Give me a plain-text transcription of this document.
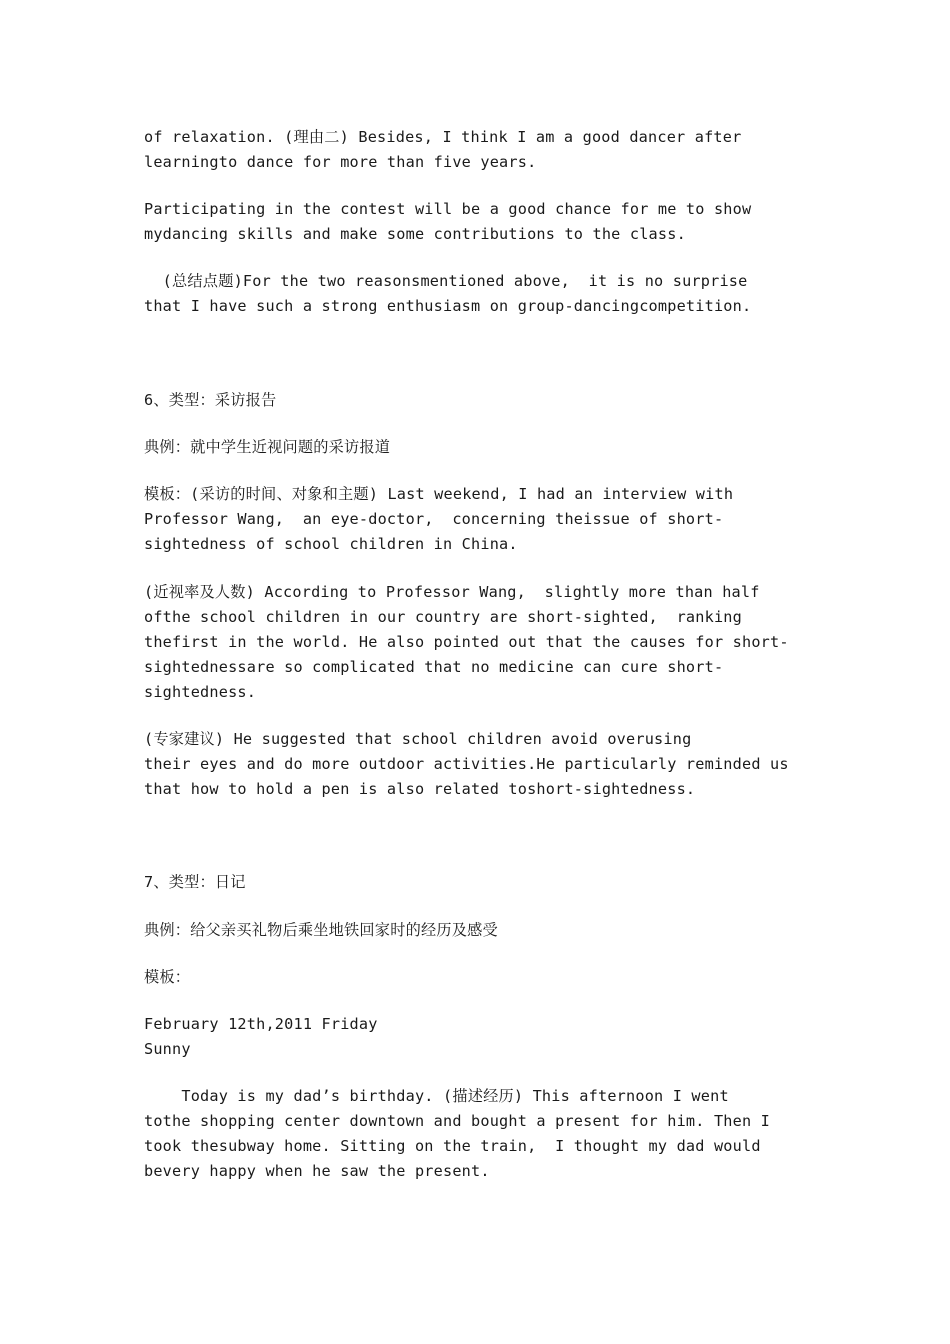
of relaxation. (理由二) Besides, I think I am a good dancer after
learningto dance for more than five years.
Participating in the contest will be a good chance for me to show
mydancing skills and make some contributions to the class.
(总结点题)For the two reasonsmentioned above,  it is no surprise
that I have such a strong enthusiasm on group-dancingcompetition.
6、类型：采访报告
典例：就中学生近视问题的采访报道
模板：(采访的时间、对象和主题) Last weekend, I had an interview with
Professor Wang,  an eye-doctor,  concerning theissue of short-
sightedness of school children in China.
(近视率及人数) According to Professor Wang,  slightly more than half
ofthe school children in our country are short-sighted,  ranking
thefirst in the world. He also pointed out that the causes for short-
sightednessare so complicated that no medicine can cure short-
sightedness.
(专家建议) He suggested that school children avoid overusing
their eyes and do more outdoor activities.He particularly reminded us
that how to hold a pen is also related toshort-sightedness.
7、类型：日记
典例：给父亲买礼物后乘坐地铁回家时的经历及感受
模板：
February 12th,2011 Friday
Sunny
Today is my dad’s birthday. (描述经历) This afternoon I went
tothe shopping center downtown and bought a present for him. Then I
took thesubway home. Sitting on the train,  I thought my dad would
bevery happy when he saw the present.
